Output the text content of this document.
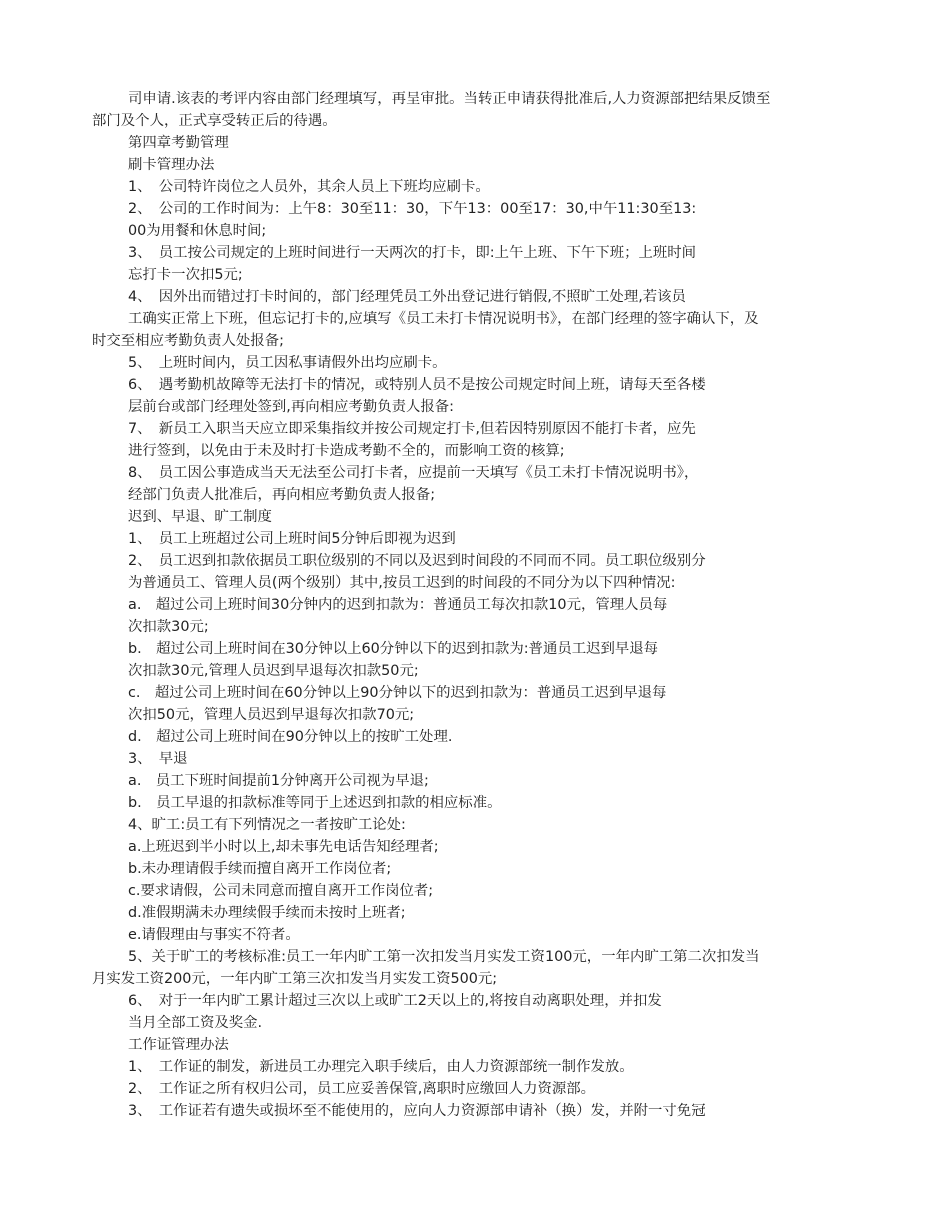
司申请.该表的考评内容由部门经理填写，再呈审批。当转正申请获得批准后,人力资源部把结果反馈至
部门及个人，正式享受转正后的待遇。
第四章考勤管理
刷卡管理办法
1、　公司特许岗位之人员外，其余人员上下班均应刷卡。
2、　公司的工作时间为：上午8：30至11：30，下午13：00至17：30,中午11:30至13:
00为用餐和休息时间;
3、　员工按公司规定的上班时间进行一天两次的打卡，即:上午上班、下午下班；上班时间
忘打卡一次扣5元;
4、　因外出而错过打卡时间的，部门经理凭员工外出登记进行销假,不照旷工处理,若该员
工确实正常上下班，但忘记打卡的,应填写《员工未打卡情况说明书》，在部门经理的签字确认下，及
时交至相应考勤负责人处报备;
5、　上班时间内，员工因私事请假外出均应刷卡。
6、　遇考勤机故障等无法打卡的情况，或特别人员不是按公司规定时间上班，请每天至各楼
层前台或部门经理处签到,再向相应考勤负责人报备:
7、　新员工入职当天应立即采集指纹并按公司规定打卡,但若因特别原因不能打卡者，应先
进行签到，以免由于未及时打卡造成考勤不全的，而影响工资的核算;
8、　员工因公事造成当天无法至公司打卡者，应提前一天填写《员工未打卡情况说明书》，
经部门负责人批准后，再向相应考勤负责人报备;
迟到、早退、旷工制度
1、　员工上班超过公司上班时间5分钟后即视为迟到
2、　员工迟到扣款依据员工职位级别的不同以及迟到时间段的不同而不同。员工职位级别分
为普通员工、管理人员(两个级别）其中,按员工迟到的时间段的不同分为以下四种情况:
a.　超过公司上班时间30分钟内的迟到扣款为：普通员工每次扣款10元，管理人员每
次扣款30元;
b.　超过公司上班时间在30分钟以上60分钟以下的迟到扣款为:普通员工迟到早退每
次扣款30元,管理人员迟到早退每次扣款50元;
c.　超过公司上班时间在60分钟以上90分钟以下的迟到扣款为：普通员工迟到早退每
次扣50元，管理人员迟到早退每次扣款70元;
d.　超过公司上班时间在90分钟以上的按旷工处理.
3、　早退
a.　员工下班时间提前1分钟离开公司视为早退;
b.　员工早退的扣款标准等同于上述迟到扣款的相应标准。
4、旷工:员工有下列情况之一者按旷工论处:
a.上班迟到半小时以上,却未事先电话告知经理者;
b.未办理请假手续而擅自离开工作岗位者;
c.要求请假，公司未同意而擅自离开工作岗位者;
d.准假期满未办理续假手续而未按时上班者;
e.请假理由与事实不符者。
5、关于旷工的考核标准:员工一年内旷工第一次扣发当月实发工资100元，一年内旷工第二次扣发当
月实发工资200元，一年内旷工第三次扣发当月实发工资500元;
6、　对于一年内旷工累计超过三次以上或旷工2天以上的,将按自动离职处理，并扣发
当月全部工资及奖金.
工作证管理办法
1、　工作证的制发，新进员工办理完入职手续后，由人力资源部统一制作发放。
2、　工作证之所有权归公司，员工应妥善保管,离职时应缴回人力资源部。
3、　工作证若有遗失或损坏至不能使用的，应向人力资源部申请补（换）发，并附一寸免冠
